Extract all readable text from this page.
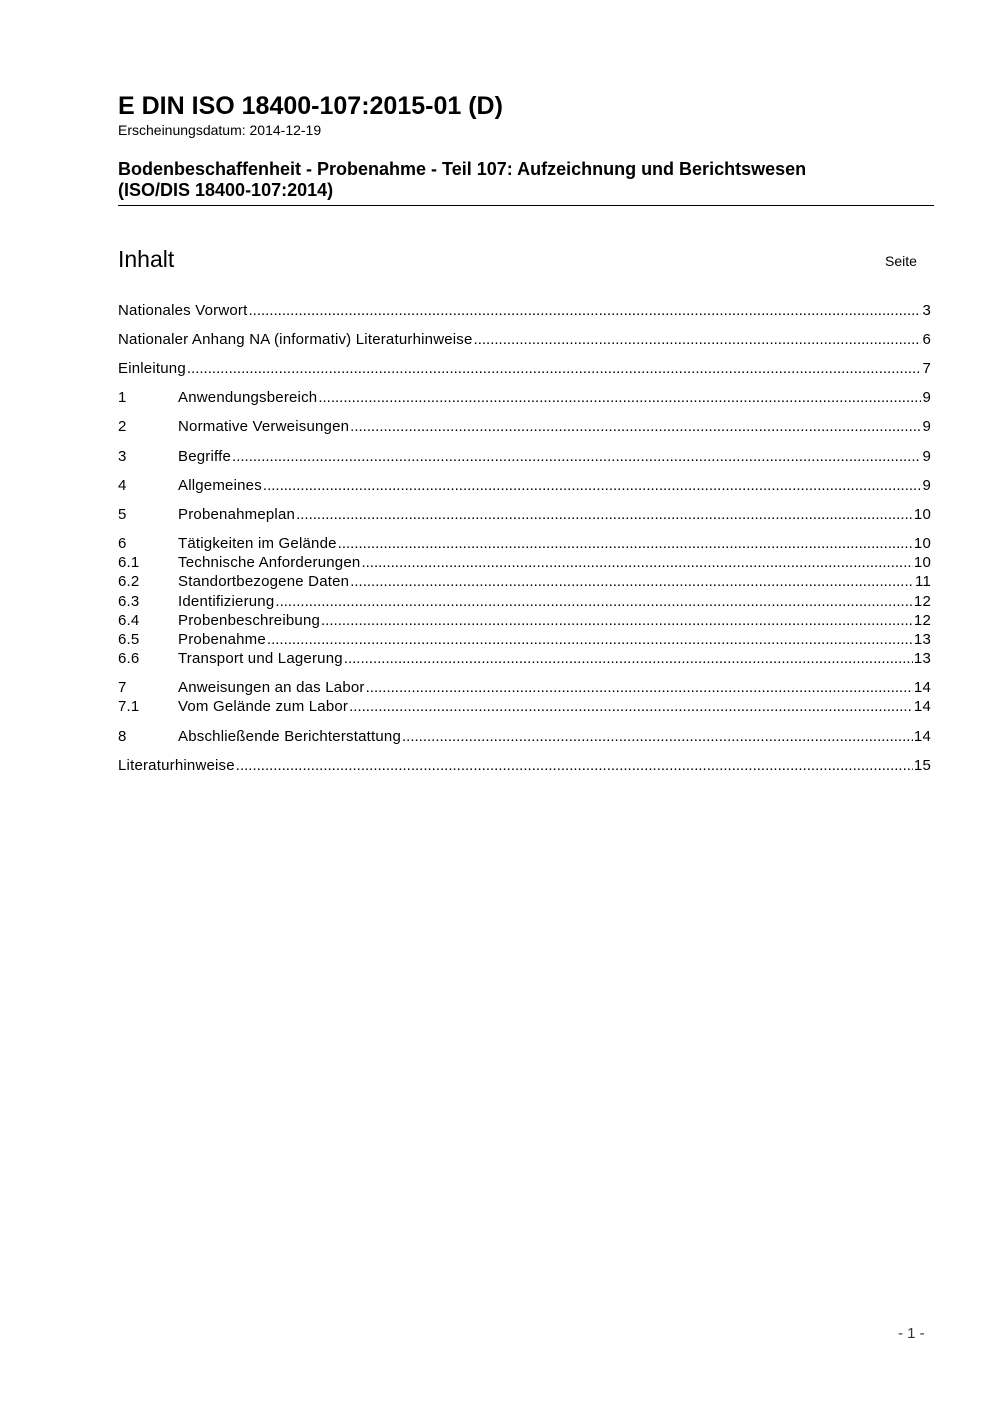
E DIN ISO 18400-107:2015-01 (D)
Erscheinungsdatum: 2014-12-19
Bodenbeschaffenheit - Probenahme - Teil 107: Aufzeichnung und Berichtswesen
(ISO/DIS 18400-107:2014)
Inhalt	Seite
Nationales Vorwort .....	3
Nationaler Anhang NA (informativ) Literaturhinweise .....	6
Einleitung .....	7
1	Anwendungsbereich .....	9
2	Normative Verweisungen .....	9
3	Begriffe .....	9
4	Allgemeines .....	9
5	Probenahmeplan .....	10
6	Tätigkeiten im Gelände .....	10
6.1	Technische Anforderungen .....	10
6.2	Standortbezogene Daten .....	11
6.3	Identifizierung .....	12
6.4	Probenbeschreibung .....	12
6.5	Probenahme .....	13
6.6	Transport und Lagerung .....	13
7	Anweisungen an das Labor .....	14
7.1	Vom Gelände zum Labor .....	14
8	Abschließende Berichterstattung .....	14
Literaturhinweise .....	15
- 1 -
